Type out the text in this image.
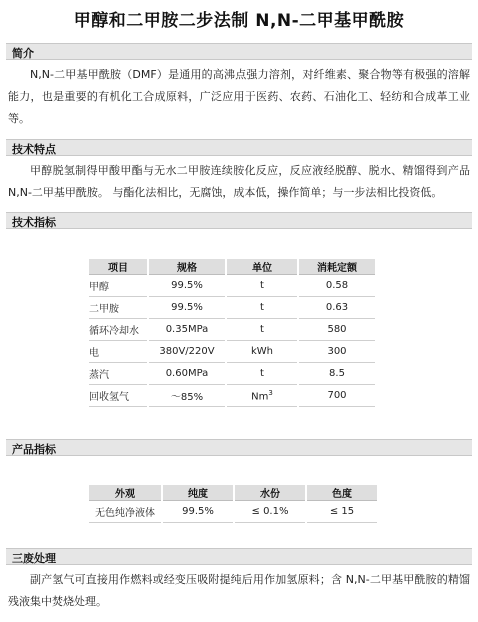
甲醇和二甲胺二步法制 N,N-二甲基甲酰胺
简介
N,N-二甲基甲酰胺（DMF）是通用的高沸点强力溶剂，对纤维素、聚合物等有极强的溶解能力，也是重要的有机化工合成原料，广泛应用于医药、农药、石油化工、轻纺和合成革工业等。
技术特点
甲醇脱氢制得甲酸甲酯与无水二甲胺连续胺化反应，反应液经脱醇、脱水、精馏得到产品 N,N-二甲基甲酰胺。 与酯化法相比，无腐蚀，成本低，操作简单；与一步法相比投资低。
技术指标
项目	规格	单位	消耗定额
甲醇	99.5%	t	0.58
二甲胺	99.5%	t	0.63
循环冷却水	0.35MPa	t	580
电	380V/220V	kWh	300
蒸汽	0.60MPa	t	8.5
回收氢气	～85%	Nm$^3$	700
产品指标
外观	纯度	水份	色度
无色纯净液体	99.5%	≤ 0.1%	≤ 15
三废处理
副产氢气可直接用作燃料或经变压吸附提纯后用作加氢原料；含 N,N-二甲基甲酰胺的精馏残液集中焚烧处理。
